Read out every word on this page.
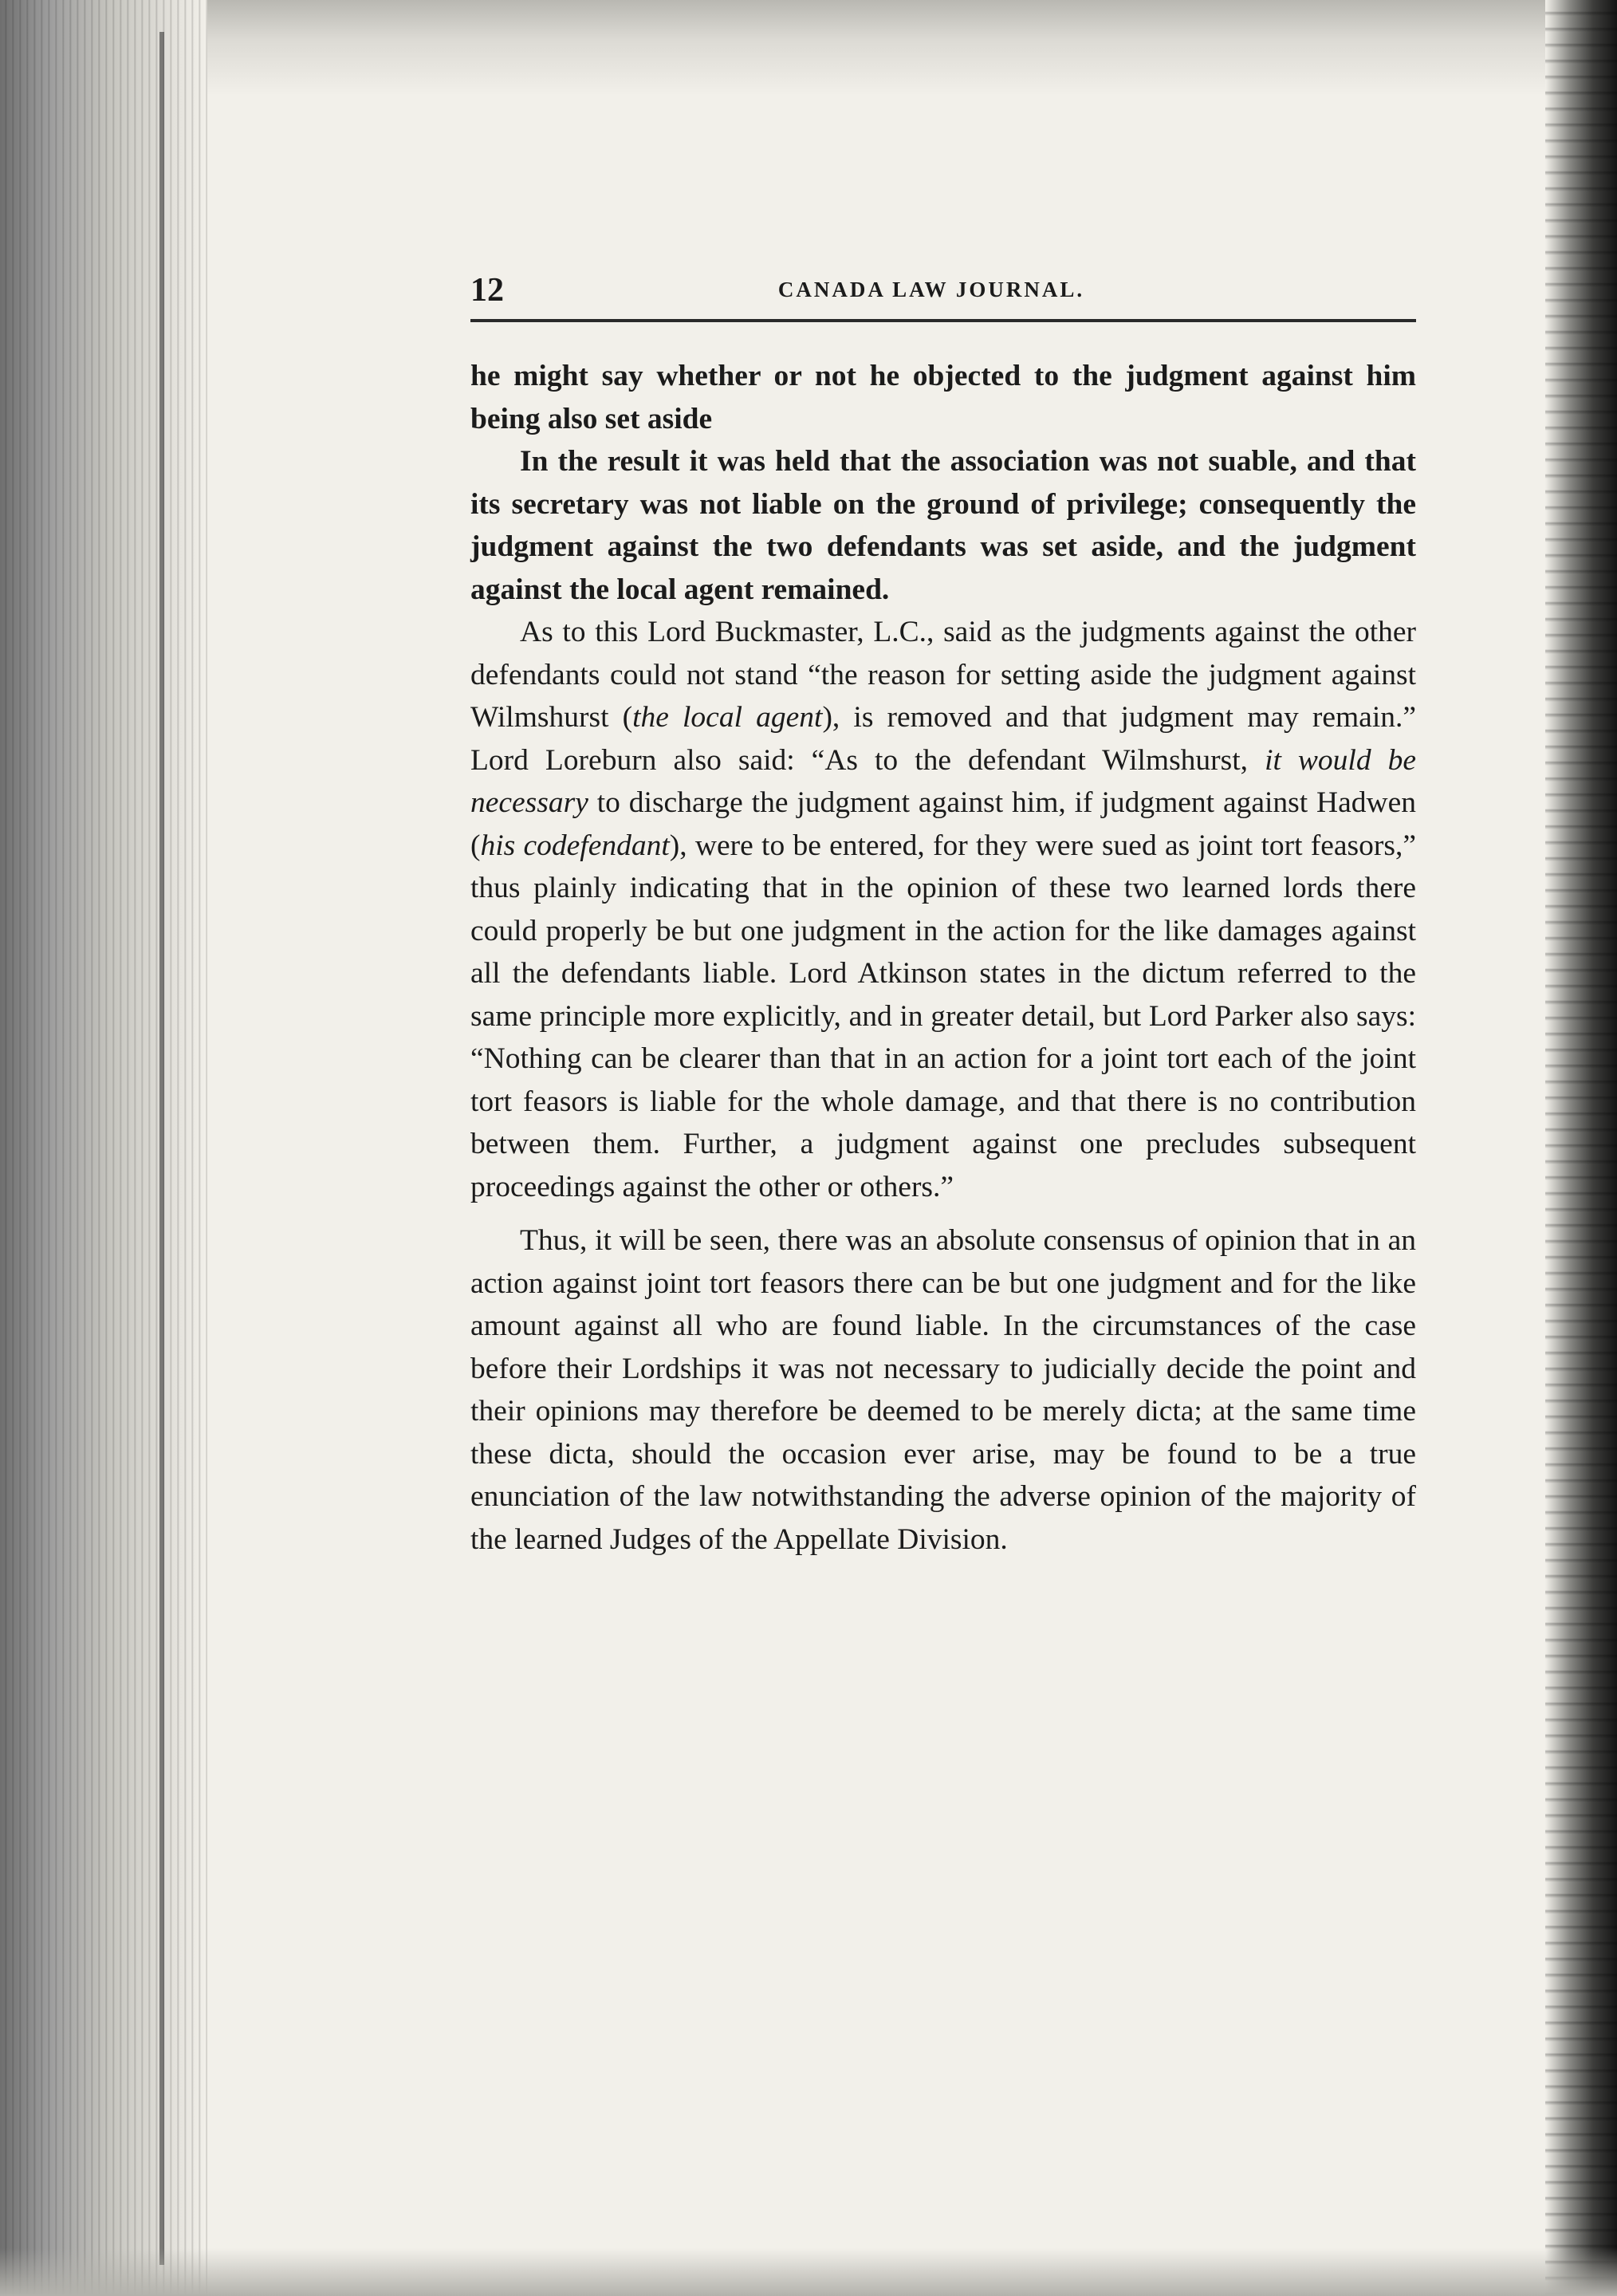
12	CANADA LAW JOURNAL.

he might say whether or not he objected to the judgment against him being also set aside

In the result it was held that the association was not suable, and that its secretary was not liable on the ground of privilege; consequently the judgment against the two defendants was set aside, and the judgment against the local agent remained.

As to this Lord Buckmaster, L.C., said as the judgments against the other defendants could not stand “the reason for setting aside the judgment against Wilmshurst (the local agent), is removed and that judgment may remain.” Lord Loreburn also said: “As to the defendant Wilmshurst, it would be necessary to discharge the judgment against him, if judgment against Hadwen (his codefendant), were to be entered, for they were sued as joint tort feasors,” thus plainly indicating that in the opinion of these two learned lords there could properly be but one judgment in the action for the like damages against all the defendants liable. Lord Atkinson states in the dictum referred to the same principle more explicitly, and in greater detail, but Lord Parker also says: “Nothing can be clearer than that in an action for a joint tort each of the joint tort feasors is liable for the whole damage, and that there is no contribution between them. Further, a judgment against one precludes subsequent proceedings against the other or others.”

Thus, it will be seen, there was an absolute consensus of opinion that in an action against joint tort feasors there can be but one judgment and for the like amount against all who are found liable. In the circumstances of the case before their Lordships it was not necessary to judicially decide the point and their opinions may therefore be deemed to be merely dicta; at the same time these dicta, should the occasion ever arise, may be found to be a true enunciation of the law notwithstanding the adverse opinion of the majority of the learned Judges of the Appellate Division.
